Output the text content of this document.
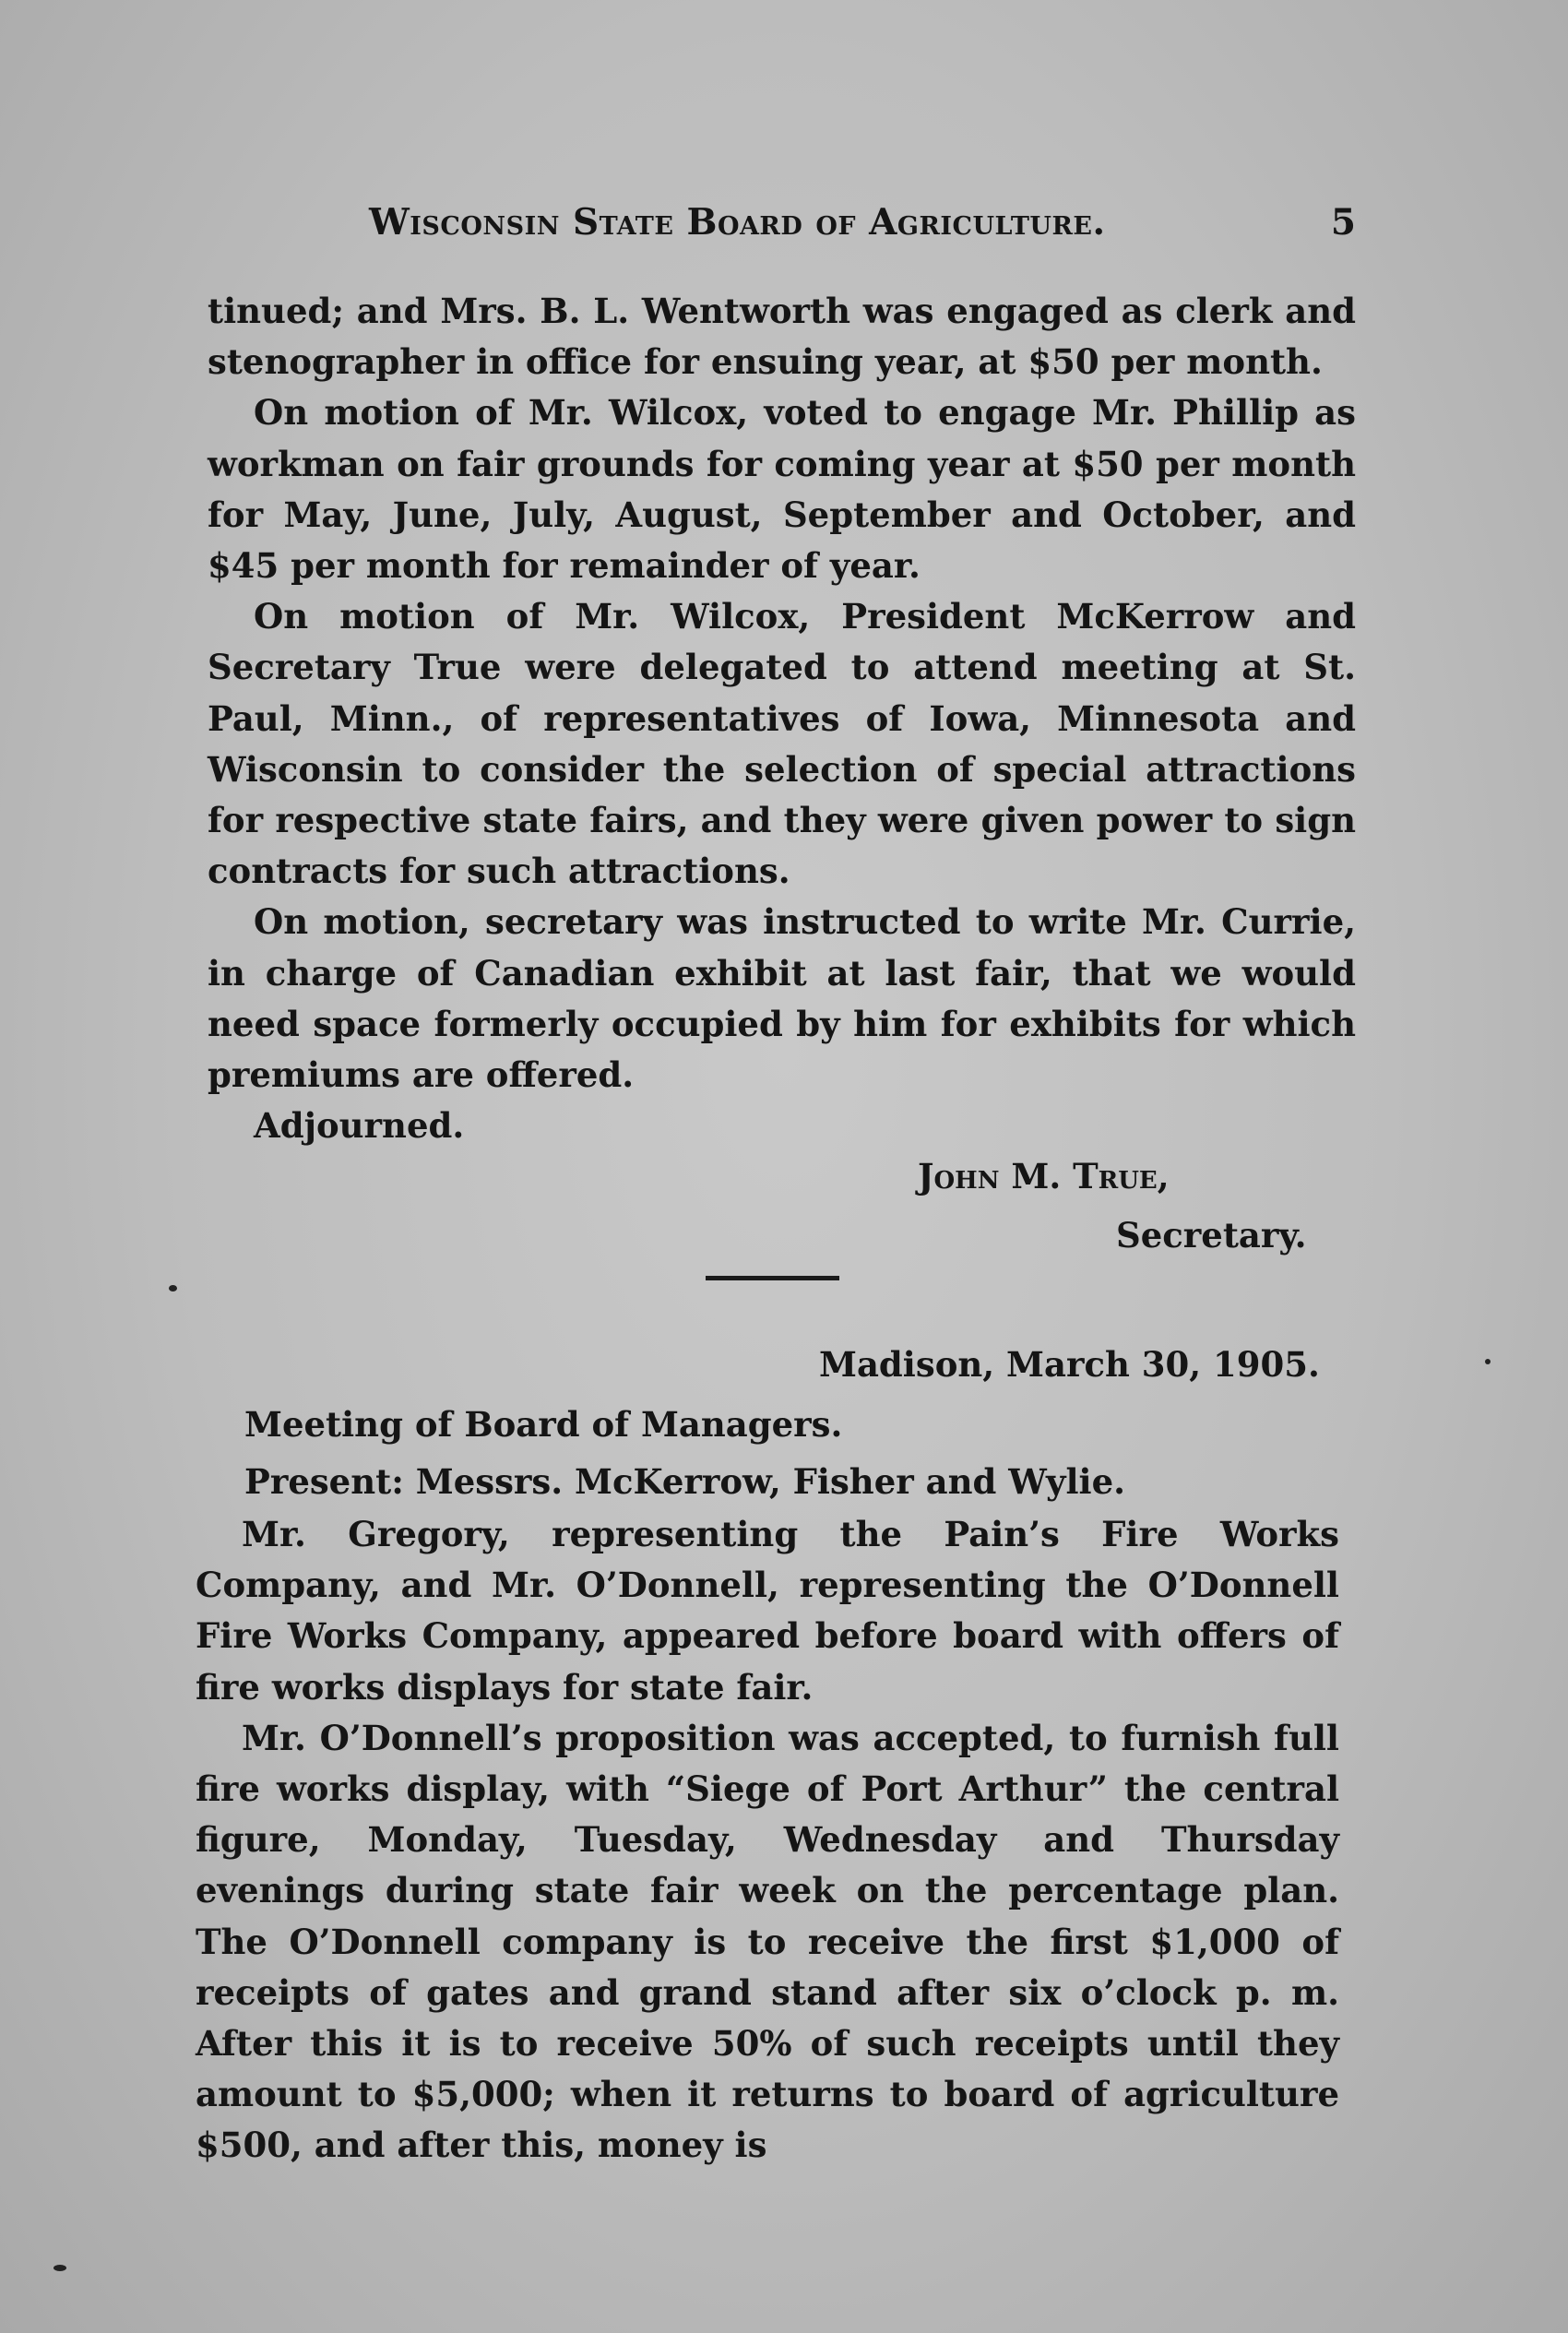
Wisconsin State Board of Agriculture.	5

tinued; and Mrs. B. L. Wentworth was engaged as clerk and stenographer in office for ensuing year, at $50 per month.

On motion of Mr. Wilcox, voted to engage Mr. Phillip as workman on fair grounds for coming year at $50 per month for May, June, July, August, September and October, and $45 per month for remainder of year.

On motion of Mr. Wilcox, President McKerrow and Secretary True were delegated to attend meeting at St. Paul, Minn., of representatives of Iowa, Minnesota and Wisconsin to consider the selection of special attractions for respective state fairs, and they were given power to sign contracts for such attractions.

On motion, secretary was instructed to write Mr. Currie, in charge of Canadian exhibit at last fair, that we would need space formerly occupied by him for exhibits for which premiums are offered.

Adjourned.

John M. True,
Secretary.
Madison, March 30, 1905.
Meeting of Board of Managers.
Present: Messrs. McKerrow, Fisher and Wylie.

Mr. Gregory, representing the Pain’s Fire Works Company, and Mr. O’Donnell, representing the O’Donnell Fire Works Company, appeared before board with offers of fire works displays for state fair.

Mr. O’Donnell’s proposition was accepted, to furnish full fire works display, with “Siege of Port Arthur” the central figure, Monday, Tuesday, Wednesday and Thursday evenings during state fair week on the percentage plan. The O’Donnell company is to receive the first $1,000 of receipts of gates and grand stand after six o’clock p. m. After this it is to receive 50% of such receipts until they amount to $5,000; when it returns to board of agriculture $500, and after this, money is
